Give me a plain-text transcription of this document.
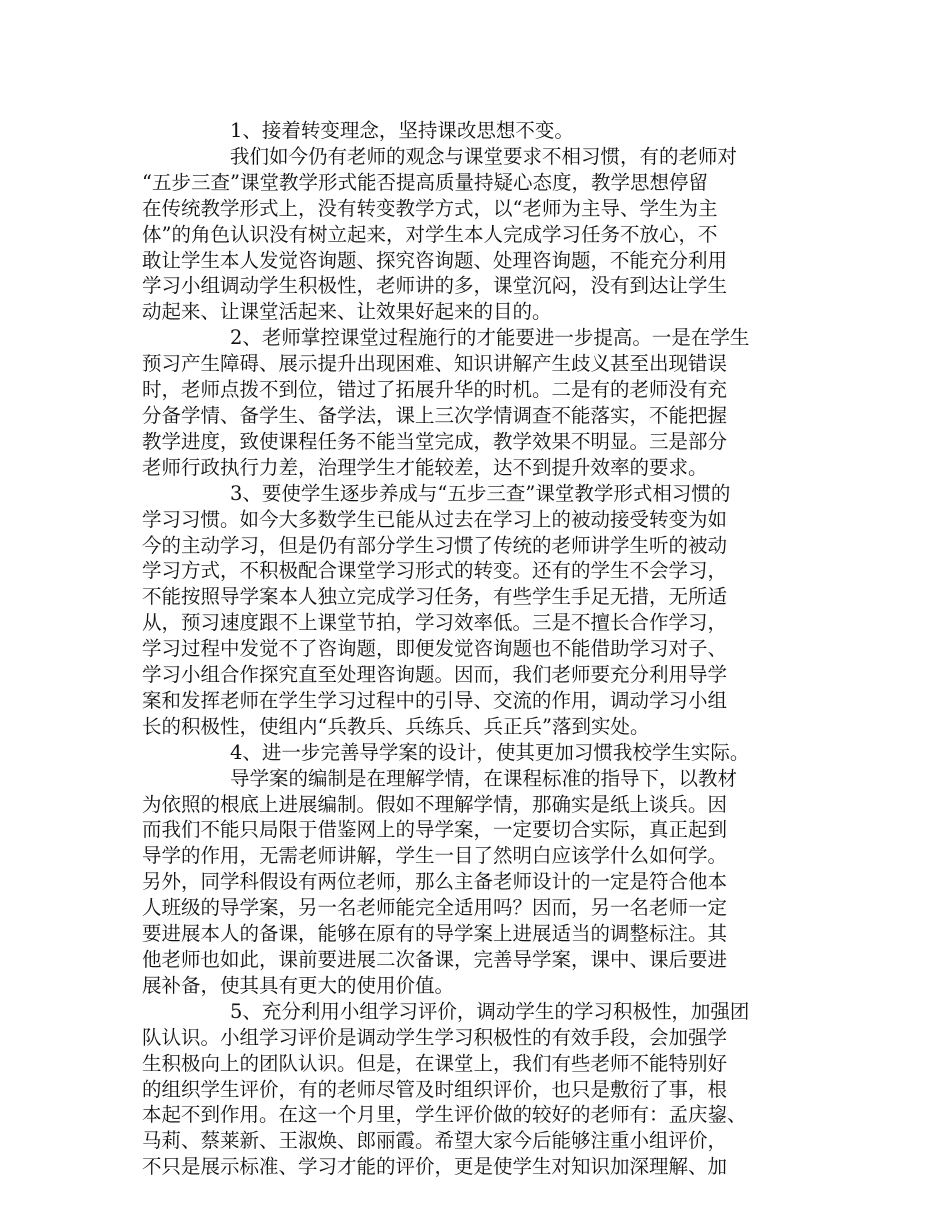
1、接着转变理念，坚持课改思想不变。
我们如今仍有老师的观念与课堂要求不相习惯，有的老师对
“五步三查”课堂教学形式能否提高质量持疑心态度，教学思想停留
在传统教学形式上，没有转变教学方式，以“老师为主导、学生为主
体”的角色认识没有树立起来，对学生本人完成学习任务不放心，不
敢让学生本人发觉咨询题、探究咨询题、处理咨询题，不能充分利用
学习小组调动学生积极性，老师讲的多，课堂沉闷，没有到达让学生
动起来、让课堂活起来、让效果好起来的目的。
2、老师掌控课堂过程施行的才能要进一步提高。一是在学生
预习产生障碍、展示提升出现困难、知识讲解产生歧义甚至出现错误
时，老师点拨不到位，错过了拓展升华的时机。二是有的老师没有充
分备学情、备学生、备学法，课上三次学情调查不能落实，不能把握
教学进度，致使课程任务不能当堂完成，教学效果不明显。三是部分
老师行政执行力差，治理学生才能较差，达不到提升效率的要求。
3、要使学生逐步养成与“五步三查”课堂教学形式相习惯的
学习习惯。如今大多数学生已能从过去在学习上的被动接受转变为如
今的主动学习，但是仍有部分学生习惯了传统的老师讲学生听的被动
学习方式，不积极配合课堂学习形式的转变。还有的学生不会学习，
不能按照导学案本人独立完成学习任务，有些学生手足无措，无所适
从，预习速度跟不上课堂节拍，学习效率低。三是不擅长合作学习，
学习过程中发觉不了咨询题，即便发觉咨询题也不能借助学习对子、
学习小组合作探究直至处理咨询题。因而，我们老师要充分利用导学
案和发挥老师在学生学习过程中的引导、交流的作用，调动学习小组
长的积极性，使组内“兵教兵、兵练兵、兵正兵”落到实处。
4、进一步完善导学案的设计，使其更加习惯我校学生实际。
导学案的编制是在理解学情，在课程标准的指导下，以教材
为依照的根底上进展编制。假如不理解学情，那确实是纸上谈兵。因
而我们不能只局限于借鉴网上的导学案，一定要切合实际，真正起到
导学的作用，无需老师讲解，学生一目了然明白应该学什么如何学。
另外，同学科假设有两位老师，那么主备老师设计的一定是符合他本
人班级的导学案，另一名老师能完全适用吗？因而，另一名老师一定
要进展本人的备课，能够在原有的导学案上进展适当的调整标注。其
他老师也如此，课前要进展二次备课，完善导学案，课中、课后要进
展补备，使其具有更大的使用价值。
5、充分利用小组学习评价，调动学生的学习积极性，加强团
队认识。小组学习评价是调动学生学习积极性的有效手段，会加强学
生积极向上的团队认识。但是，在课堂上，我们有些老师不能特别好
的组织学生评价，有的老师尽管及时组织评价，也只是敷衍了事，根
本起不到作用。在这一个月里，学生评价做的较好的老师有：孟庆鋆、
马莉、蔡莱新、王淑焕、郎丽霞。希望大家今后能够注重小组评价，
不只是展示标准、学习才能的评价，更是使学生对知识加深理解、加
